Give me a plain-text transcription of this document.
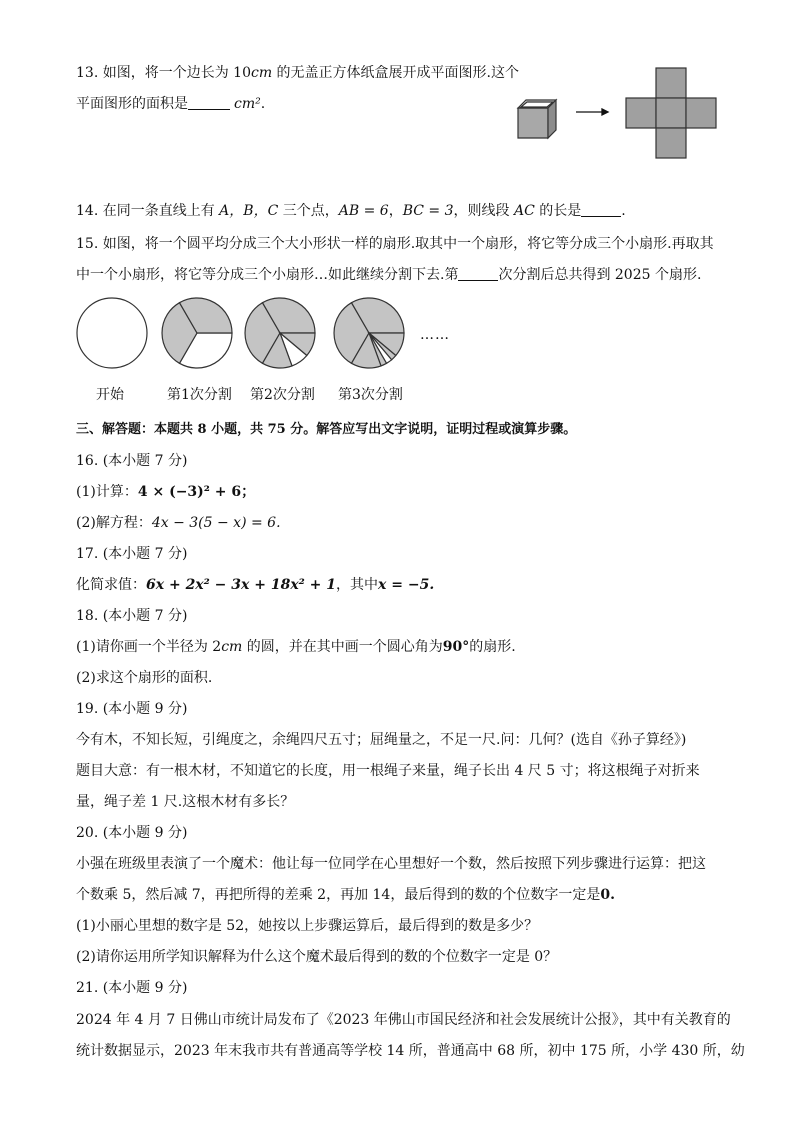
13. 如图，将一个边长为 10cm 的无盖正方体纸盒展开成平面图形.这个
平面图形的面积是	cm².
14. 在同一条直线上有 A，B，C 三个点，AB = 6，BC = 3，则线段 AC 的长是	.
15. 如图，将一个圆平均分成三个大小形状一样的扇形.取其中一个扇形，将它等分成三个小扇形.再取其
中一个小扇形，将它等分成三个小扇形…如此继续分割下去.第	次分割后总共得到 2025 个扇形.
……
开始	第1次分割 第2次分割 第3次分割
三、解答题：本题共 8 小题，共 75 分。解答应写出文字说明，证明过程或演算步骤。
16. (本小题 7 分)
(1)计算：4 × (−3)² + 6；
(2)解方程：4x − 3(5 − x) = 6.
17. (本小题 7 分)
化简求值：6x + 2x² − 3x + 18x² + 1，其中x = −5.
18. (本小题 7 分)
(1)请你画一个半径为 2cm 的圆，并在其中画一个圆心角为90°的扇形.
(2)求这个扇形的面积.
19. (本小题 9 分)
今有木，不知长短，引绳度之，余绳四尺五寸；屈绳量之，不足一尺.问：几何？(选自《孙子算经》)
题目大意：有一根木材，不知道它的长度，用一根绳子来量，绳子长出 4 尺 5 寸；将这根绳子对折来
量，绳子差 1 尺.这根木材有多长？
20. (本小题 9 分)
小强在班级里表演了一个魔术：他让每一位同学在心里想好一个数，然后按照下列步骤进行运算：把这
个数乘 5，然后减 7，再把所得的差乘 2，再加 14，最后得到的数的个位数字一定是0.
(1)小丽心里想的数字是 52，她按以上步骤运算后，最后得到的数是多少？
(2)请你运用所学知识解释为什么这个魔术最后得到的数的个位数字一定是 0？
21. (本小题 9 分)
2024 年 4 月 7 日佛山市统计局发布了《2023 年佛山市国民经济和社会发展统计公报》，其中有关教育的
统计数据显示，2023 年末我市共有普通高等学校 14 所，普通高中 68 所，初中 175 所，小学 430 所，幼
